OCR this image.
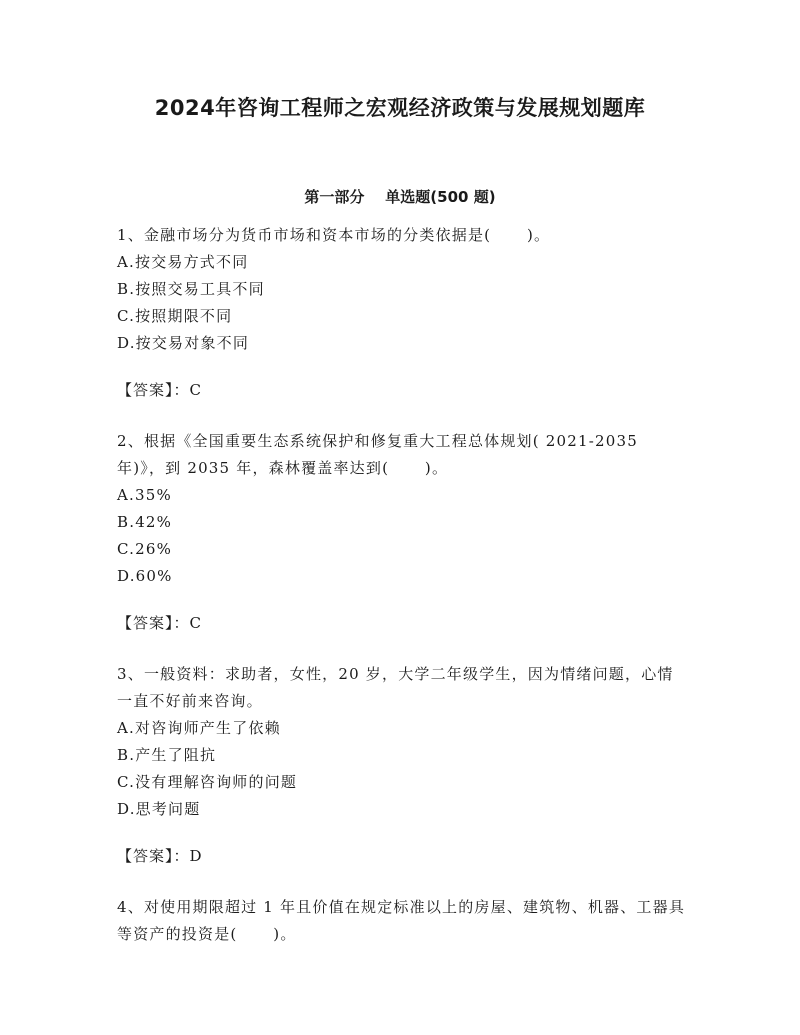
2024年咨询工程师之宏观经济政策与发展规划题库
第一部分    单选题(500 题)

1、金融市场分为货币市场和资本市场的分类依据是(      )。

A.按交易方式不同

B.按照交易工具不同

C.按照期限不同

D.按交易对象不同

【答案】：C

2、根据《全国重要生态系统保护和修复重大工程总体规划( 2021-2035 年)》，到 2035 年，森林覆盖率达到(      )。

A.35%

B.42%

C.26%

D.60%

【答案】：C

3、一般资料：求助者，女性，20 岁，大学二年级学生，因为情绪问题，心情一直不好前来咨询。

A.对咨询师产生了依赖

B.产生了阻抗

C.没有理解咨询师的问题

D.思考问题

【答案】：D

4、对使用期限超过 1 年且价值在规定标准以上的房屋、建筑物、机器、工器具等资产的投资是(      )。
